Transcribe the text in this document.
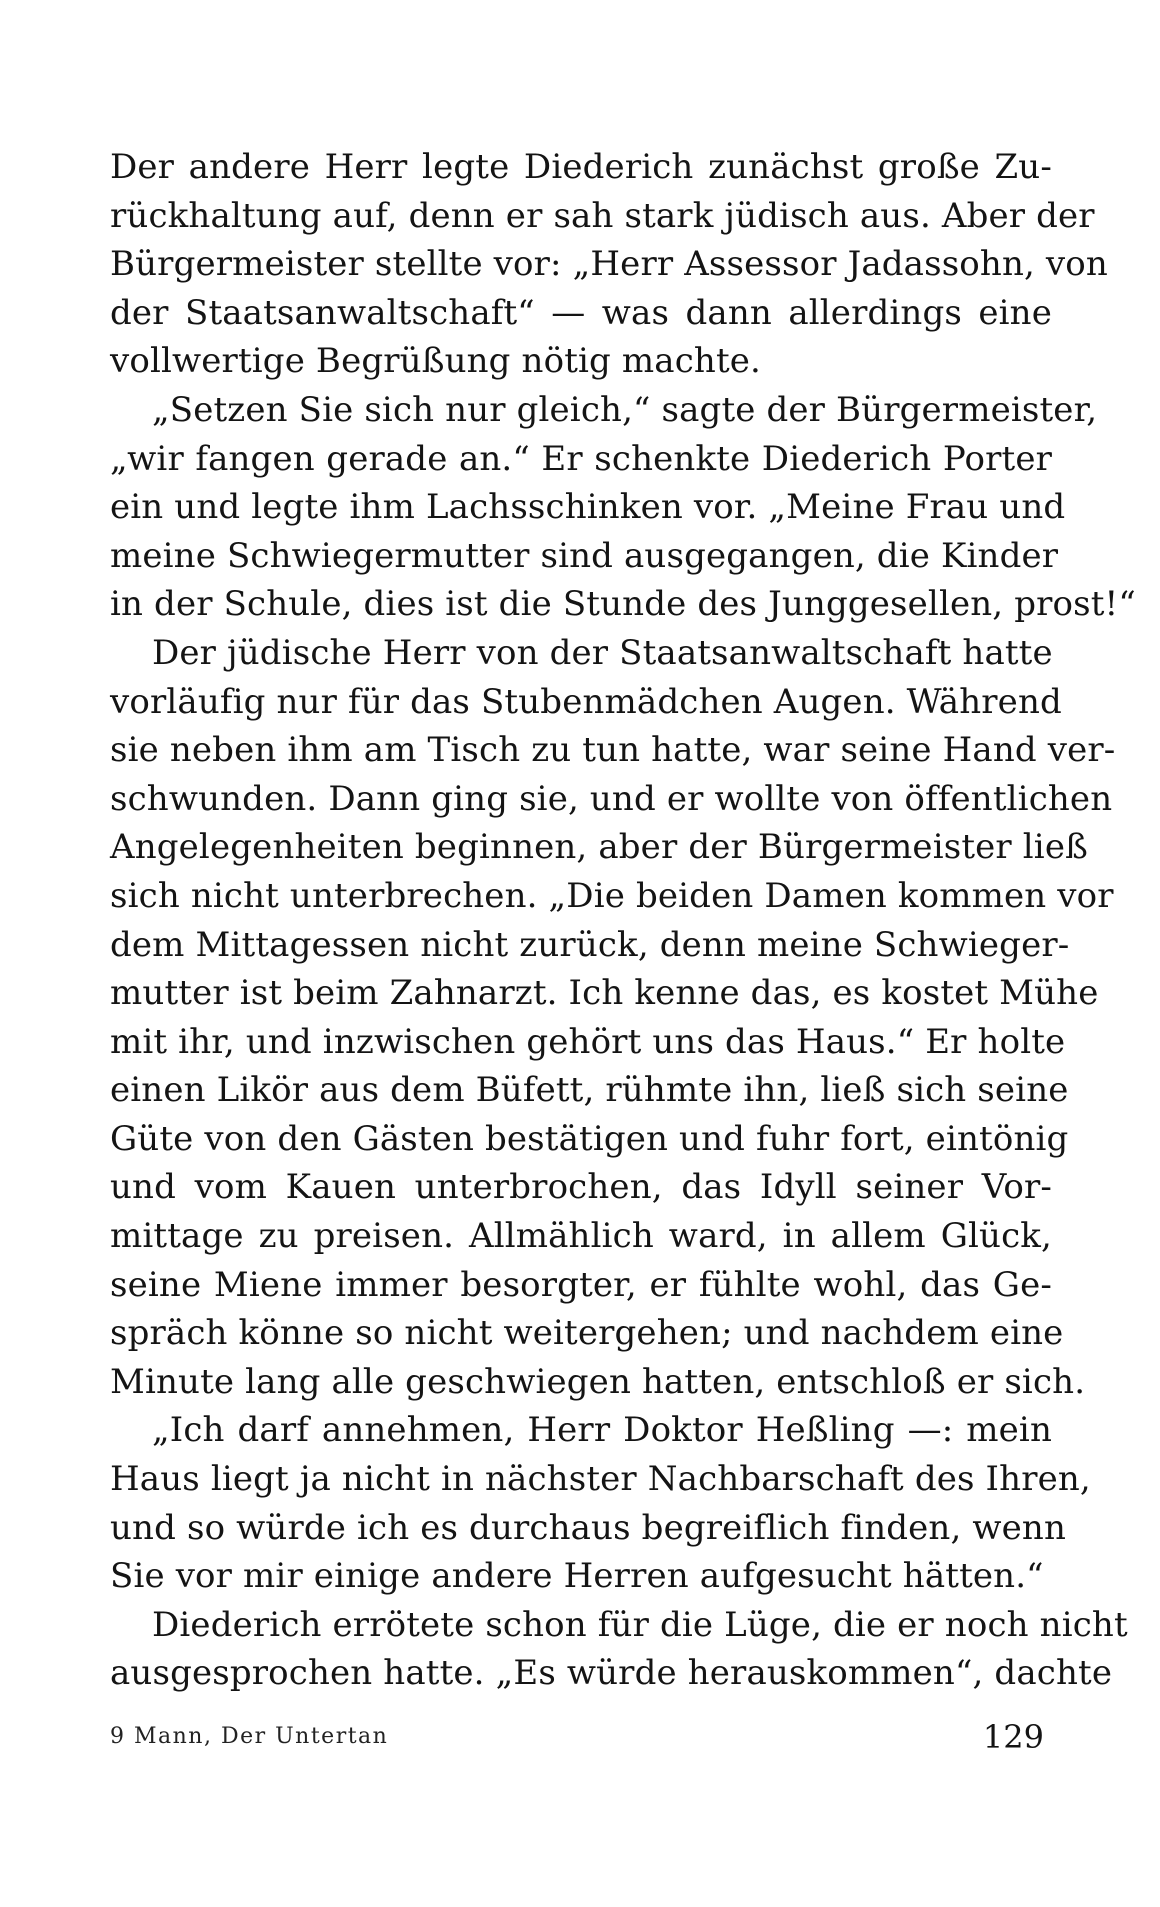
Der andere Herr legte Diederich zunächst große Zu-
rückhaltung auf, denn er sah stark jüdisch aus. Aber der
Bürgermeister stellte vor: „Herr Assessor Jadassohn, von
der Staatsanwaltschaft“ — was dann allerdings eine
vollwertige Begrüßung nötig machte.
„Setzen Sie sich nur gleich,“ sagte der Bürgermeister,
„wir fangen gerade an.“ Er schenkte Diederich Porter
ein und legte ihm Lachsschinken vor. „Meine Frau und
meine Schwiegermutter sind ausgegangen, die Kinder
in der Schule, dies ist die Stunde des Junggesellen, prost!“
Der jüdische Herr von der Staatsanwaltschaft hatte
vorläufig nur für das Stubenmädchen Augen. Während
sie neben ihm am Tisch zu tun hatte, war seine Hand ver-
schwunden. Dann ging sie, und er wollte von öffentlichen
Angelegenheiten beginnen, aber der Bürgermeister ließ
sich nicht unterbrechen. „Die beiden Damen kommen vor
dem Mittagessen nicht zurück, denn meine Schwieger-
mutter ist beim Zahnarzt. Ich kenne das, es kostet Mühe
mit ihr, und inzwischen gehört uns das Haus.“ Er holte
einen Likör aus dem Büfett, rühmte ihn, ließ sich seine
Güte von den Gästen bestätigen und fuhr fort, eintönig
und vom Kauen unterbrochen, das Idyll seiner Vor-
mittage zu preisen. Allmählich ward, in allem Glück,
seine Miene immer besorgter, er fühlte wohl, das Ge-
spräch könne so nicht weitergehen; und nachdem eine
Minute lang alle geschwiegen hatten, entschloß er sich.
„Ich darf annehmen, Herr Doktor Heßling —: mein
Haus liegt ja nicht in nächster Nachbarschaft des Ihren,
und so würde ich es durchaus begreiflich finden, wenn
Sie vor mir einige andere Herren aufgesucht hätten.“
Diederich errötete schon für die Lüge, die er noch nicht
ausgesprochen hatte. „Es würde herauskommen“, dachte
9 Mann, Der Untertan	129
